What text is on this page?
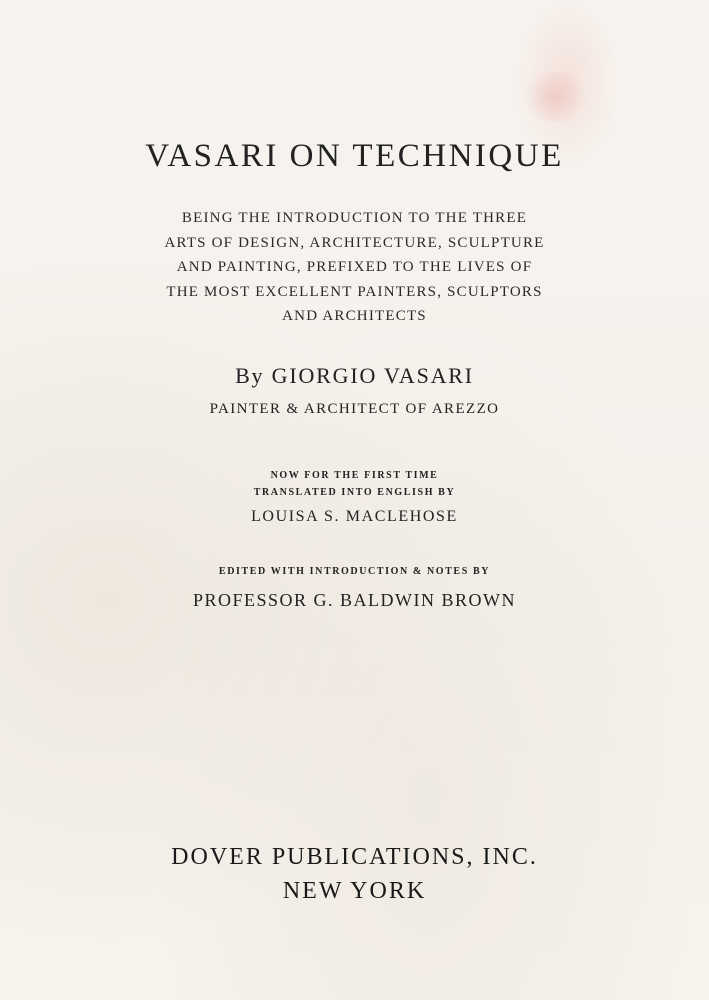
VASARI ON TECHNIQUE
BEING THE INTRODUCTION TO THE THREE
ARTS OF DESIGN, ARCHITECTURE, SCULPTURE
AND PAINTING, PREFIXED TO THE LIVES OF
THE MOST EXCELLENT PAINTERS, SCULPTORS
AND ARCHITECTS
By GIORGIO VASARI
PAINTER & ARCHITECT OF AREZZO
NOW FOR THE FIRST TIME
TRANSLATED INTO ENGLISH BY
LOUISA S. MACLEHOSE
EDITED WITH INTRODUCTION & NOTES BY
PROFESSOR G. BALDWIN BROWN
DOVER PUBLICATIONS, INC.
NEW YORK
